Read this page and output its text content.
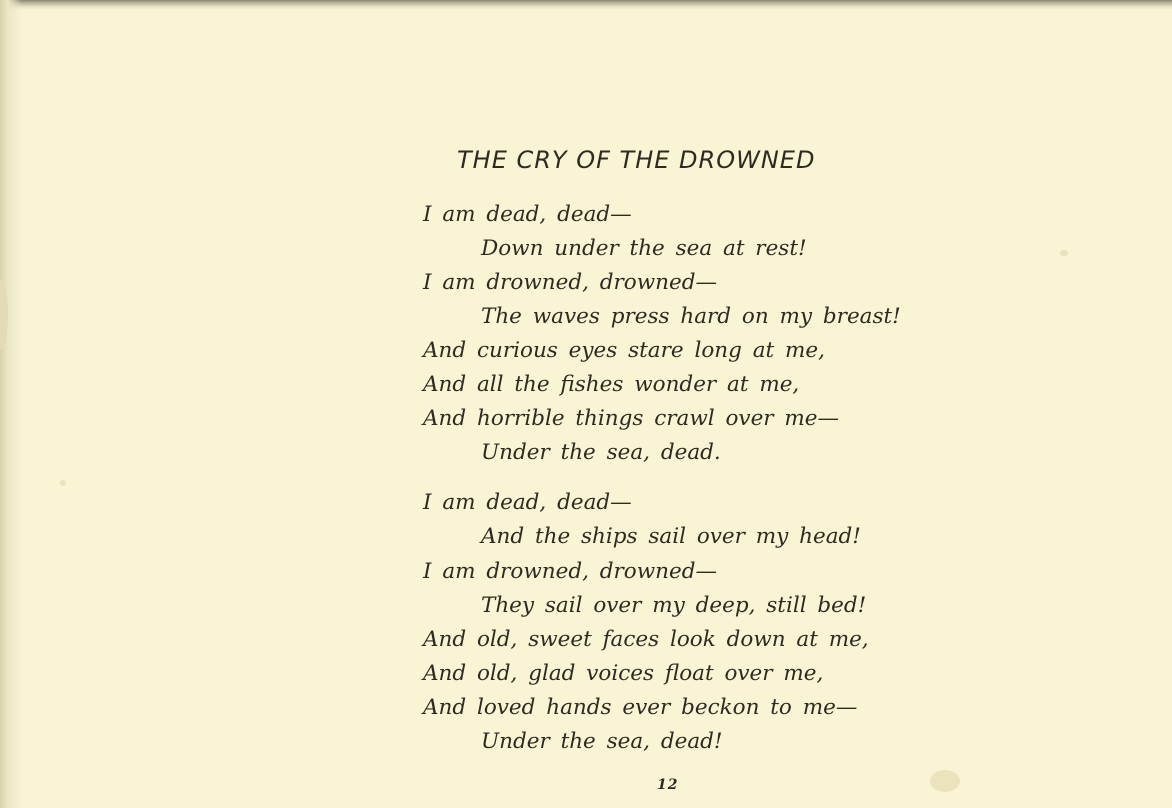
THE CRY OF THE DROWNED
I am dead, dead—
Down under the sea at rest!
I am drowned, drowned—
The waves press hard on my breast!
And curious eyes stare long at me,
And all the fishes wonder at me,
And horrible things crawl over me—
Under the sea, dead.
I am dead, dead—
And the ships sail over my head!
I am drowned, drowned—
They sail over my deep, still bed!
And old, sweet faces look down at me,
And old, glad voices float over me,
And loved hands ever beckon to me—
Under the sea, dead!
12
